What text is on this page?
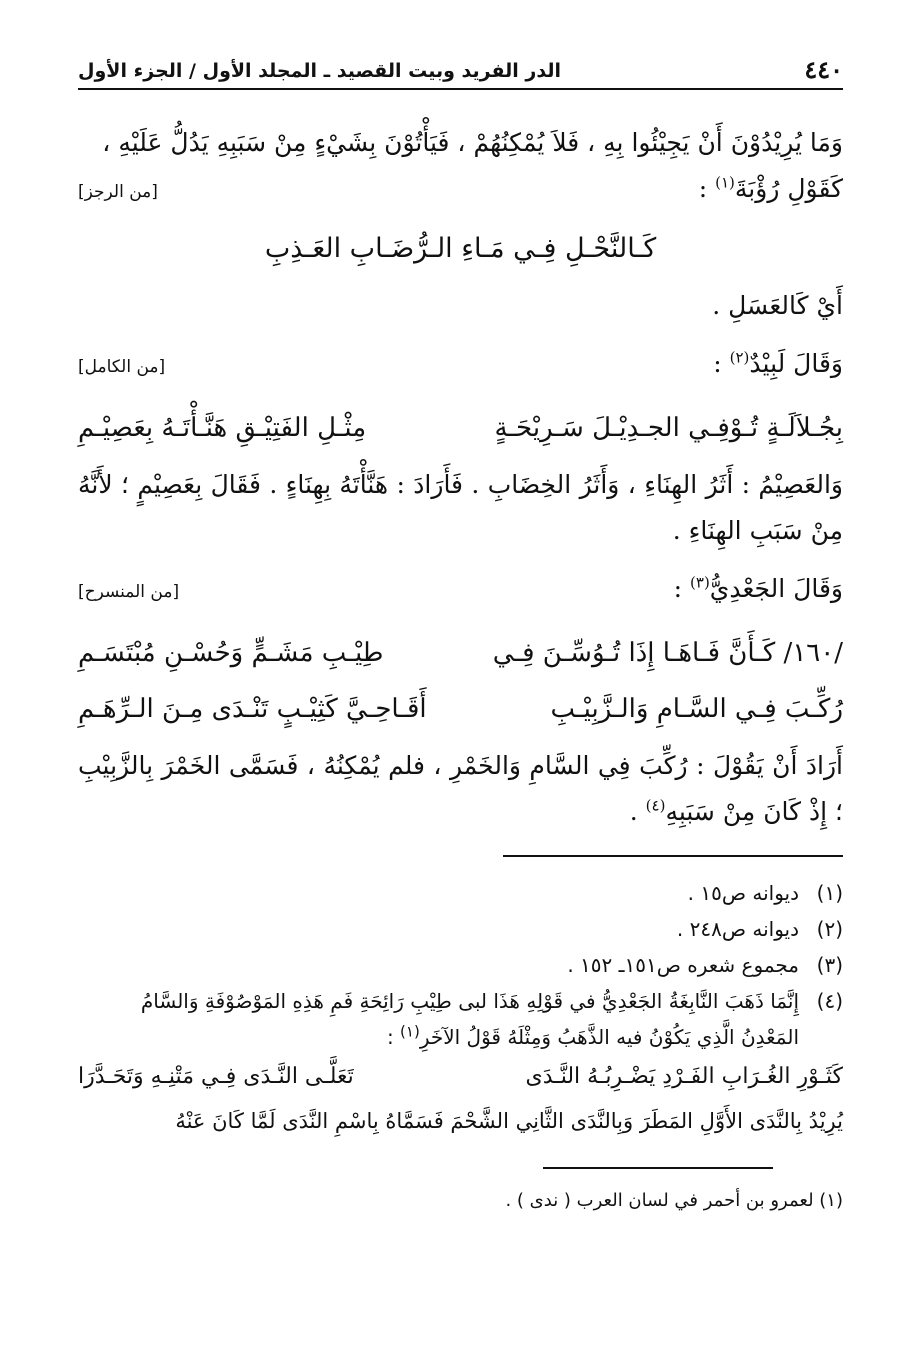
٤٤٠
الدر الفريد وبيت القصيد ـ المجلد الأول / الجزء الأول

وَمَا يُرِيْدُوْنَ أَنْ يَجِيْئُوا بِهِ ، فَلاَ يُمْكِنُهُمْ ، فَيَأْتُوْنَ بِشَيْءٍ مِنْ سَبَبِهِ يَدُلُّ عَلَيْهِ ،

كَقَوْلِ رُؤْبَةَ$^{(١)}$ :
[من الرجز]

كَـالنَّحْـلِ فِـي مَـاءِ الـرُّضَـابِ العَـذِبِ

أَيْ كَالعَسَلِ .

وَقَالَ لَبِيْدٌ$^{(٢)}$ :
[من الكامل]
بِجُـلاَلَـةٍ تُـوْفِـي الجـدِيْـلَ سَـرِيْحَـةٍ
مِثْـلِ الفَتِيْـقِ هَنَّـأْتَـهُ بِعَصِيْـمِ

وَالعَصِيْمُ : أَثَرُ الهِنَاءِ ، وَأَثَرُ الخِضَابِ . فَأَرَادَ : هَنَّأْتَهُ بِهِنَاءٍ . فَقَالَ بِعَصِيْمٍ ؛ لأَنَّهُ مِنْ سَبَبِ الهِنَاءِ .

وَقَالَ الجَعْدِيُّ$^{(٣)}$ :
[من المنسرح]
/١٦٠/ كَـأَنَّ فَـاهَـا إِذَا تُـوُسِّـنَ فِـي
طِيْـبِ مَشَـمٍّ وَحُسْـنِ مُبْتَسَـمِ
رُكِّـبَ فِـي السَّـامِ وَالـزَّبِيْـبِ
أَقَـاحِـيَّ كَثِيْـبٍ تَنْـدَى مِـنَ الـرِّهَـمِ

أَرَادَ أَنْ يَقُوْلَ : رُكِّبَ فِي السَّامِ وَالخَمْرِ ، فلم يُمْكِنُهُ ، فَسَمَّى الخَمْرَ بِالزَّبِيْبِ ؛ إِذْ كَانَ مِنْ سَبَبِهِ$^{(٤)}$ .

(١)
ديوانه ص١٥ .

(٢)
ديوانه ص٢٤٨ .

(٣)
مجموع شعره ص١٥١ـ ١٥٢ .

(٤)
إِنَّمَا ذَهَبَ النَّابِغَةُ الجَعْدِيُّ في قَوْلِهِ هَذَا لبى طِيْبِ رَائِحَةِ فَمِ هَذِهِ المَوْصُوْفَةِ وَالسَّامُ المَعْدِنُ الَّذِي يَكُوْنُ فيه الذَّهَبُ وَمِثْلَهُ قَوْلُ الآخَرِ$^{(١)}$ :

كَثَـوْرِ الغُـرَابِ الفَـرْدِ يَضْـرِبُـهُ النَّـدَى
تَعَلَّـى النَّـدَى فِـي مَتْنِـهِ وَتَحَـدَّرَا

يُرِيْدُ بِالنَّدَى الأَوَّلِ المَطَرَ وَبِالنَّدَى الثَّانِي الشَّحْمَ فَسَمَّاهُ بِاسْمِ النَّدَى لَمَّا كَانَ عَنْهُ

(١) لعمرو بن أحمر في لسان العرب ( ندى ) .
